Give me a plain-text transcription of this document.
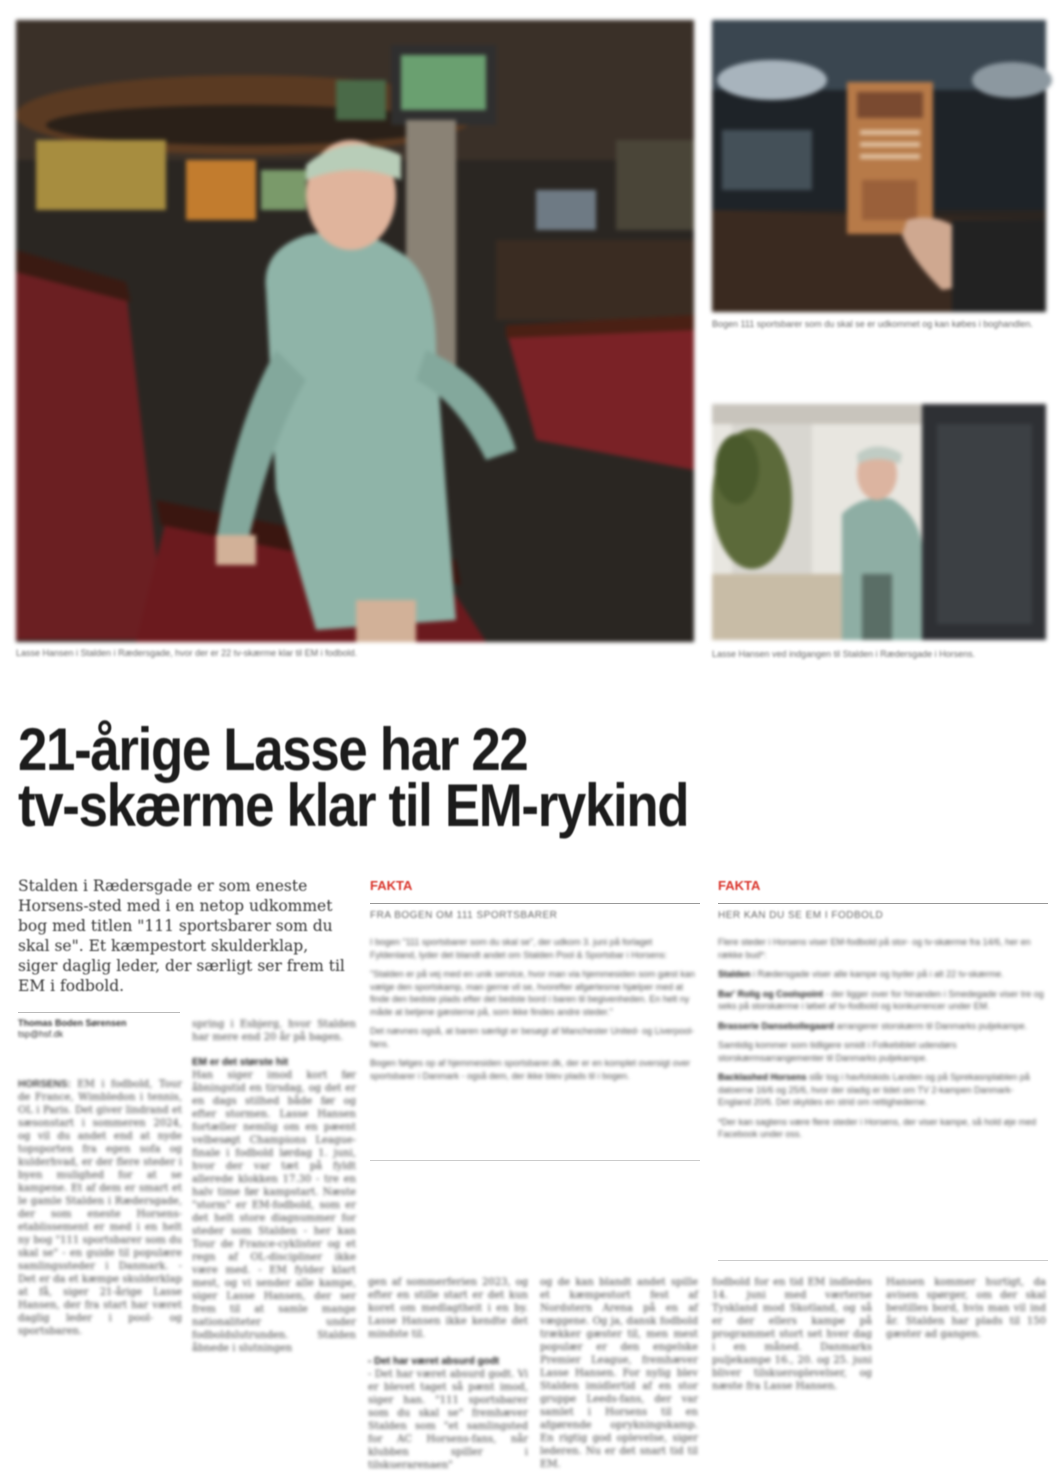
Lasse Hansen i Stalden i Rædersgade, hvor der er 22 tv-skærme klar til EM i fodbold.
Bogen 111 sportsbarer som du skal se er udkommet og kan købes i boghandlen.
Lasse Hansen ved indgangen til Stalden i Rædersgade i Horsens.
21-årige Lasse har 22
tv-skærme klar til EM-rykind

Stalden i Rædersgade er som eneste Horsens-sted med i en netop udkommet bog med titlen "111 sportsbarer som du skal se". Et kæmpestort skulderklap, siger daglig leder, der særligt ser frem til EM i fodbold.

Thomas Boden Sørensen
tsp@hsf.dk
HORSENS: EM i fodbold, Tour de France, Wimbledon i tennis, OL i Paris. Det giver lindrand et sæsonstart i sommeren 2024, og vil du andet end at nyde topsporten fra egen sofa og kulderhvad, er der flere steder i byen mulighed for at se kampene. Et af dem er smart et le gamle Stalden i Rædersgade, der som eneste Horsens-etablissement er med i en helt ny bog "111 sportsbarer som du skal se" - en guide til populære samlingssteder i Danmark. - Det er da et kæmpe skulderklap at få, siger 21-årige Lasse Hansen, der fra start har været daglig leder i pool- og sportsbaren.
spring i Esbjerg, hvor Stalden har mere end 20 år på bagen.
EM er det største hit
Han siger imod kort før åbningstid en tirsdag, og det er en dags stilhed både før og efter stormen. Lasse Hansen fortæller nemlig om en pæent velbesøgt Champions League-finale i fodbold lørdag 1. juni, hvor der var tæt på fyldt allerede klokken 17.30 - tre en halv time før kampstart. Næste "storm" er EM-fodbold, som er det helt store diagnummer for steder som Stalden - her kan Tour de France-cyklister og et regn af OL-discipliner ikke være med. - EM fylder klart mest, og vi sender alle kampe, siger Lasse Hansen, der ser frem til at samle mange nationaliteter under fodboldslutrunden. Stalden åbnede i slutningen
FAKTA
FRA BOGEN OM 111 SPORTSBARER

I bogen "111 sportsbarer som du skal se", der udkom 3. juni på forlaget Fyldenland, lyder det blandt andet om Stalden Pool & Sportsbar i Horsens:

"Stalden er på vej med en unik service, hvor man via hjemmesiden som gæst kan vælge den sportskamp, man gerne vil se, hvorefter afgørtesme hjælper med at finde den bedste plads efter det bedste bord i baren til begivenheden. En helt ny måde at betjene gæsterne på, som ikke findes andre steder."

Det nævnes også, at baren særligt er besøgt af Manchester United- og Liverpool-fans.

Bogen følges op af hjemmesiden sportsbarer.dk, der er en komplet oversigt over sportsbarer i Danmark - også dem, der ikke blev plads til i bogen.

gen af sommerferien 2023, og efter en stille start er det kun koret om medlagtheit i en by. Lasse Hansen ikke kendte det mindste til.
- Det har været absurd godt
- Det har været absurd godt. Vi er blevet taget så pænt imod, siger han. "111 sportsbarer som du skal se" fremhæver Stalden som "et samlingsted for AC Horsens-fans, når klubben spiller i tilskuerarenaen"
og de kan blandt andet spille et kæmpestort fest af Nordstern Arena på en af væggene. Og ja, dansk fodbold trækker gæster til, men mest populær er den engelske Premier League, fremhæver Lasse Hansen. For nylig blev Stalden imidlertid af en stor gruppe Leeds-fans, der var samlet i Horsens til en afgørende oprykningskamp. En rigtig god oplevelse, siger lederen. Nu er det snart tid til EM.
FAKTA
HER KAN DU SE EM I FODBOLD

Flere steder i Horsens viser EM-fodbold på stor- og tv-skærme fra 14/6, her en række bud*:

Stalden i Rædersgade viser alle kampe og byder på i alt 22 tv-skærme.

Bar' Rolig og Coolspoint - der ligger over for hinanden i Smedegade viser tre og seks på storskærme i løbet af tv-fodbold og konkurrencer under EM.

Brasserie Dansebollegaard arrangerer storskærm til Danmarks puljekampe.

Samtidig kommer som tidligere smidt i Folkebiblet udendørs storskærmsarrangementer til Danmarks puljekampe.

Backlashed Horsens slår tog i havfolskids Landen og på Sprekasnplablen på datoerne 16/6 og 25/6, hvor der sladig er tidet om TV 2-kampen Danmark-England 20/6. Det skyldes en strid om rettighederne.

*Der kan sagtens være flere steder i Horsens, der viser kampe, så hold øje med Facebook under oss.

fodbold for en tid EM indledes 14. juni med værterne Tyskland mod Skotland, og så er der ellers kampe på programmet stort set hver dag i en måned. Danmarks puljekampe 16., 20. og 25. juni bliver tilskueroplevelser, og næste fra Lasse Hansen.
Hansen kommer hurtigt, da avisen spørger, om der skal bestilles bord, hvis man vil ind år. Stalden har plads til 150 gæster ad gangen.
